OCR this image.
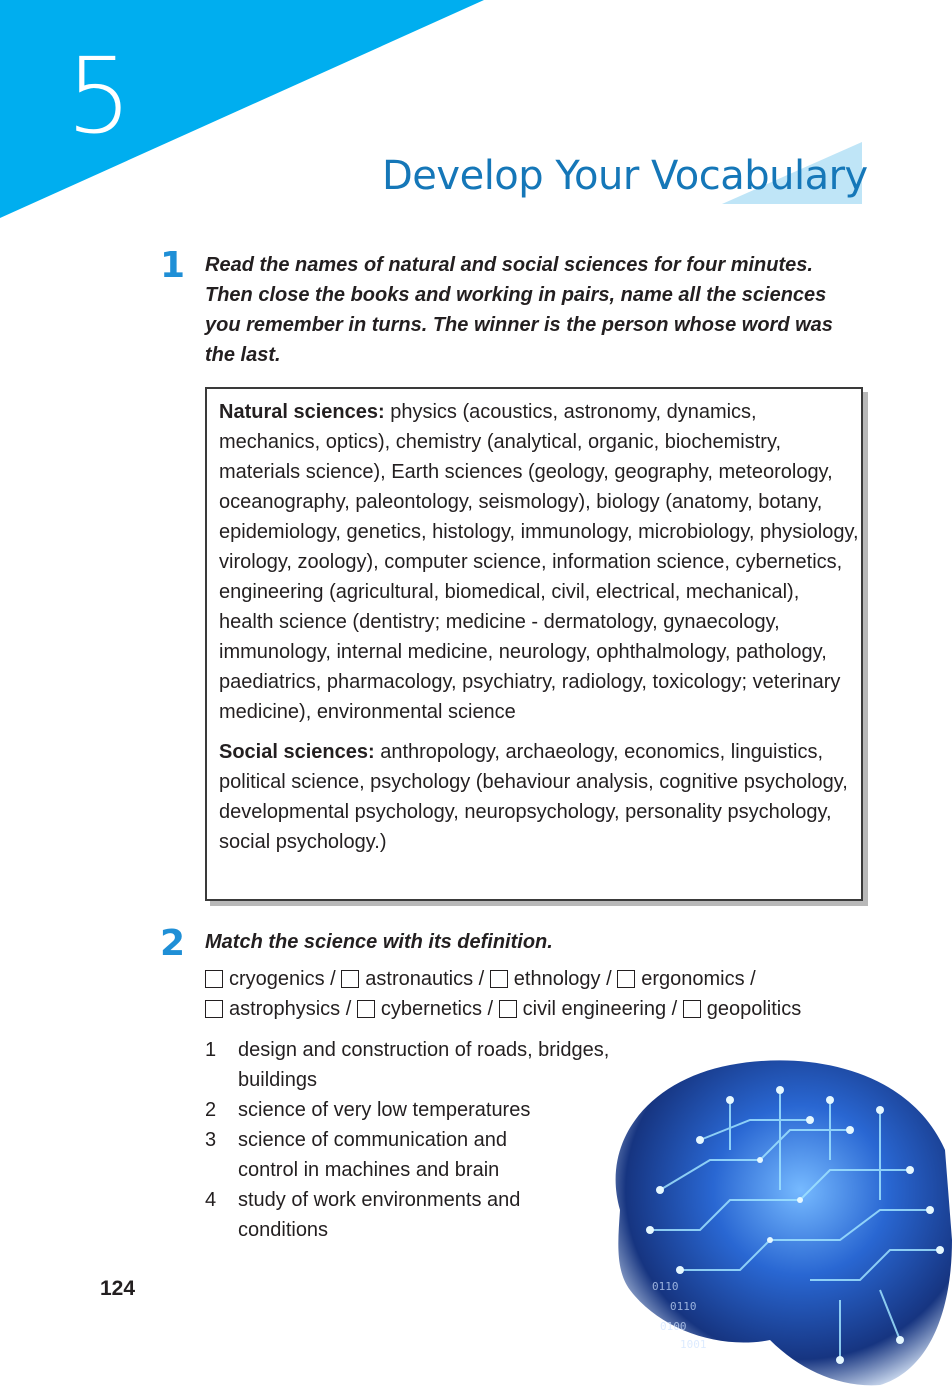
5
Develop Your Vocabulary
1 Read the names of natural and social sciences for four minutes. Then close the books and working in pairs, name all the sciences you remember in turns. The winner is the person whose word was the last.

Natural sciences: physics (acoustics, astronomy, dynamics, mechanics, optics), chemistry (analytical, organic, biochemistry, materials science), Earth sciences (geology, geography, meteorology, oceanography, paleontology, seismology), biology (anatomy, botany, epidemiology, genetics, histology, immunology, microbiology, physiology, virology, zoology), computer science, information science, cybernetics, engineering (agricultural, biomedical, civil, electrical, mechanical), health science (dentistry; medicine - dermatology, gynaecology, immunology, internal medicine, neurology, ophthalmology, pathology, paediatrics, pharmacology, psychiatry, radiology, toxicology; veterinary medicine), environmental science

Social sciences: anthropology, archaeology, economics, linguistics, political science, psychology (behaviour analysis, cognitive psychology, developmental psychology, neuropsychology, personality psychology, social psychology.)

2 Match the science with its definition.
cryogenics / astronautics / ethnology / ergonomics /
astrophysics / cybernetics / civil engineering / geopolitics
0110
0110
0100
1001
1	design and construction of roads, bridges, buildings
2	science of very low temperatures
3	science of communication and control in machines and brain
4	study of work environments and conditions
124
